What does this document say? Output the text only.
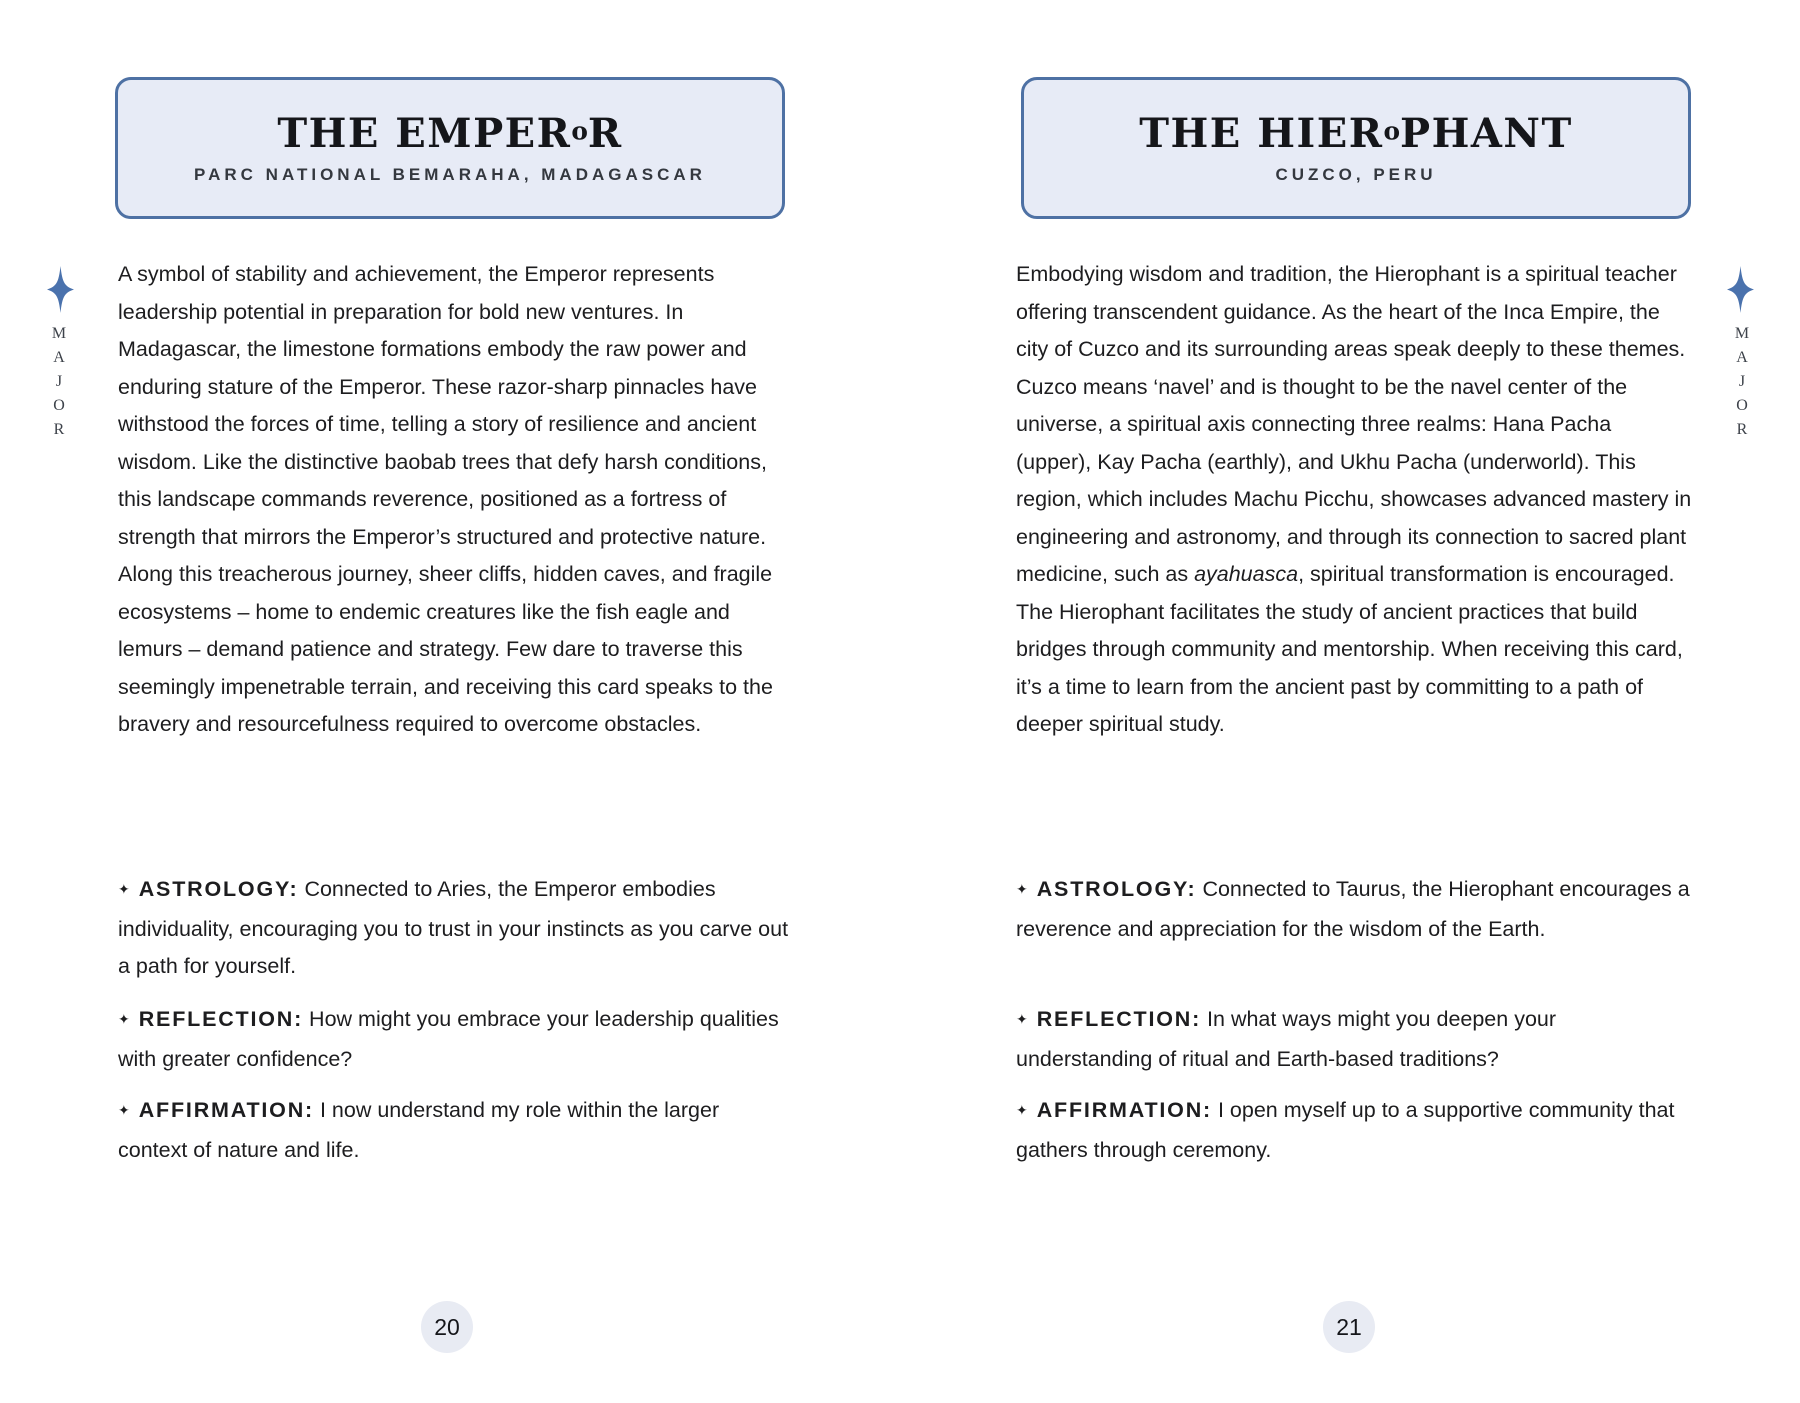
THE EMPERoR
PARC NATIONAL BEMARAHA, MADAGASCAR

A symbol of stability and achievement, the Emperor represents leadership potential in preparation for bold new ventures. In Madagascar, the limestone formations embody the raw power and enduring stature of the Emperor. These razor-sharp pinnacles have withstood the forces of time, telling a story of resilience and ancient wisdom. Like the distinctive baobab trees that defy harsh conditions, this landscape commands reverence, positioned as a fortress of strength that mirrors the Emperor’s structured and protective nature. Along this treacherous journey, sheer cliffs, hidden caves, and fragile ecosystems – home to endemic creatures like the fish eagle and lemurs – demand patience and strategy. Few dare to traverse this seemingly impenetrable terrain, and receiving this card speaks to the bravery and resourcefulness required to overcome obstacles.

✦ ASTROLOGY: Connected to Aries, the Emperor embodies individuality, encouraging you to trust in your instincts as you carve out a path for yourself.

✦ REFLECTION: How might you embrace your leadership qualities with greater confidence?

✦ AFFIRMATION: I now understand my role within the larger context of nature and life.

20
M
A
J
O
R
THE HIERoPHANT
CUZCO, PERU

Embodying wisdom and tradition, the Hierophant is a spiritual teacher offering transcendent guidance. As the heart of the Inca Empire, the city of Cuzco and its surrounding areas speak deeply to these themes. Cuzco means ‘navel’ and is thought to be the navel center of the universe, a spiritual axis connecting three realms: Hana Pacha (upper), Kay Pacha (earthly), and Ukhu Pacha (underworld). This region, which includes Machu Picchu, showcases advanced mastery in engineering and astronomy, and through its connection to sacred plant medicine, such as ayahuasca, spiritual transformation is encouraged. The Hierophant facilitates the study of ancient practices that build bridges through community and mentorship. When receiving this card, it’s a time to learn from the ancient past by committing to a path of deeper spiritual study.

✦ ASTROLOGY: Connected to Taurus, the Hierophant encourages a reverence and appreciation for the wisdom of the Earth.

✦ REFLECTION: In what ways might you deepen your understanding of ritual and Earth-based traditions?

✦ AFFIRMATION: I open myself up to a supportive community that gathers through ceremony.

21
M
A
J
O
R
